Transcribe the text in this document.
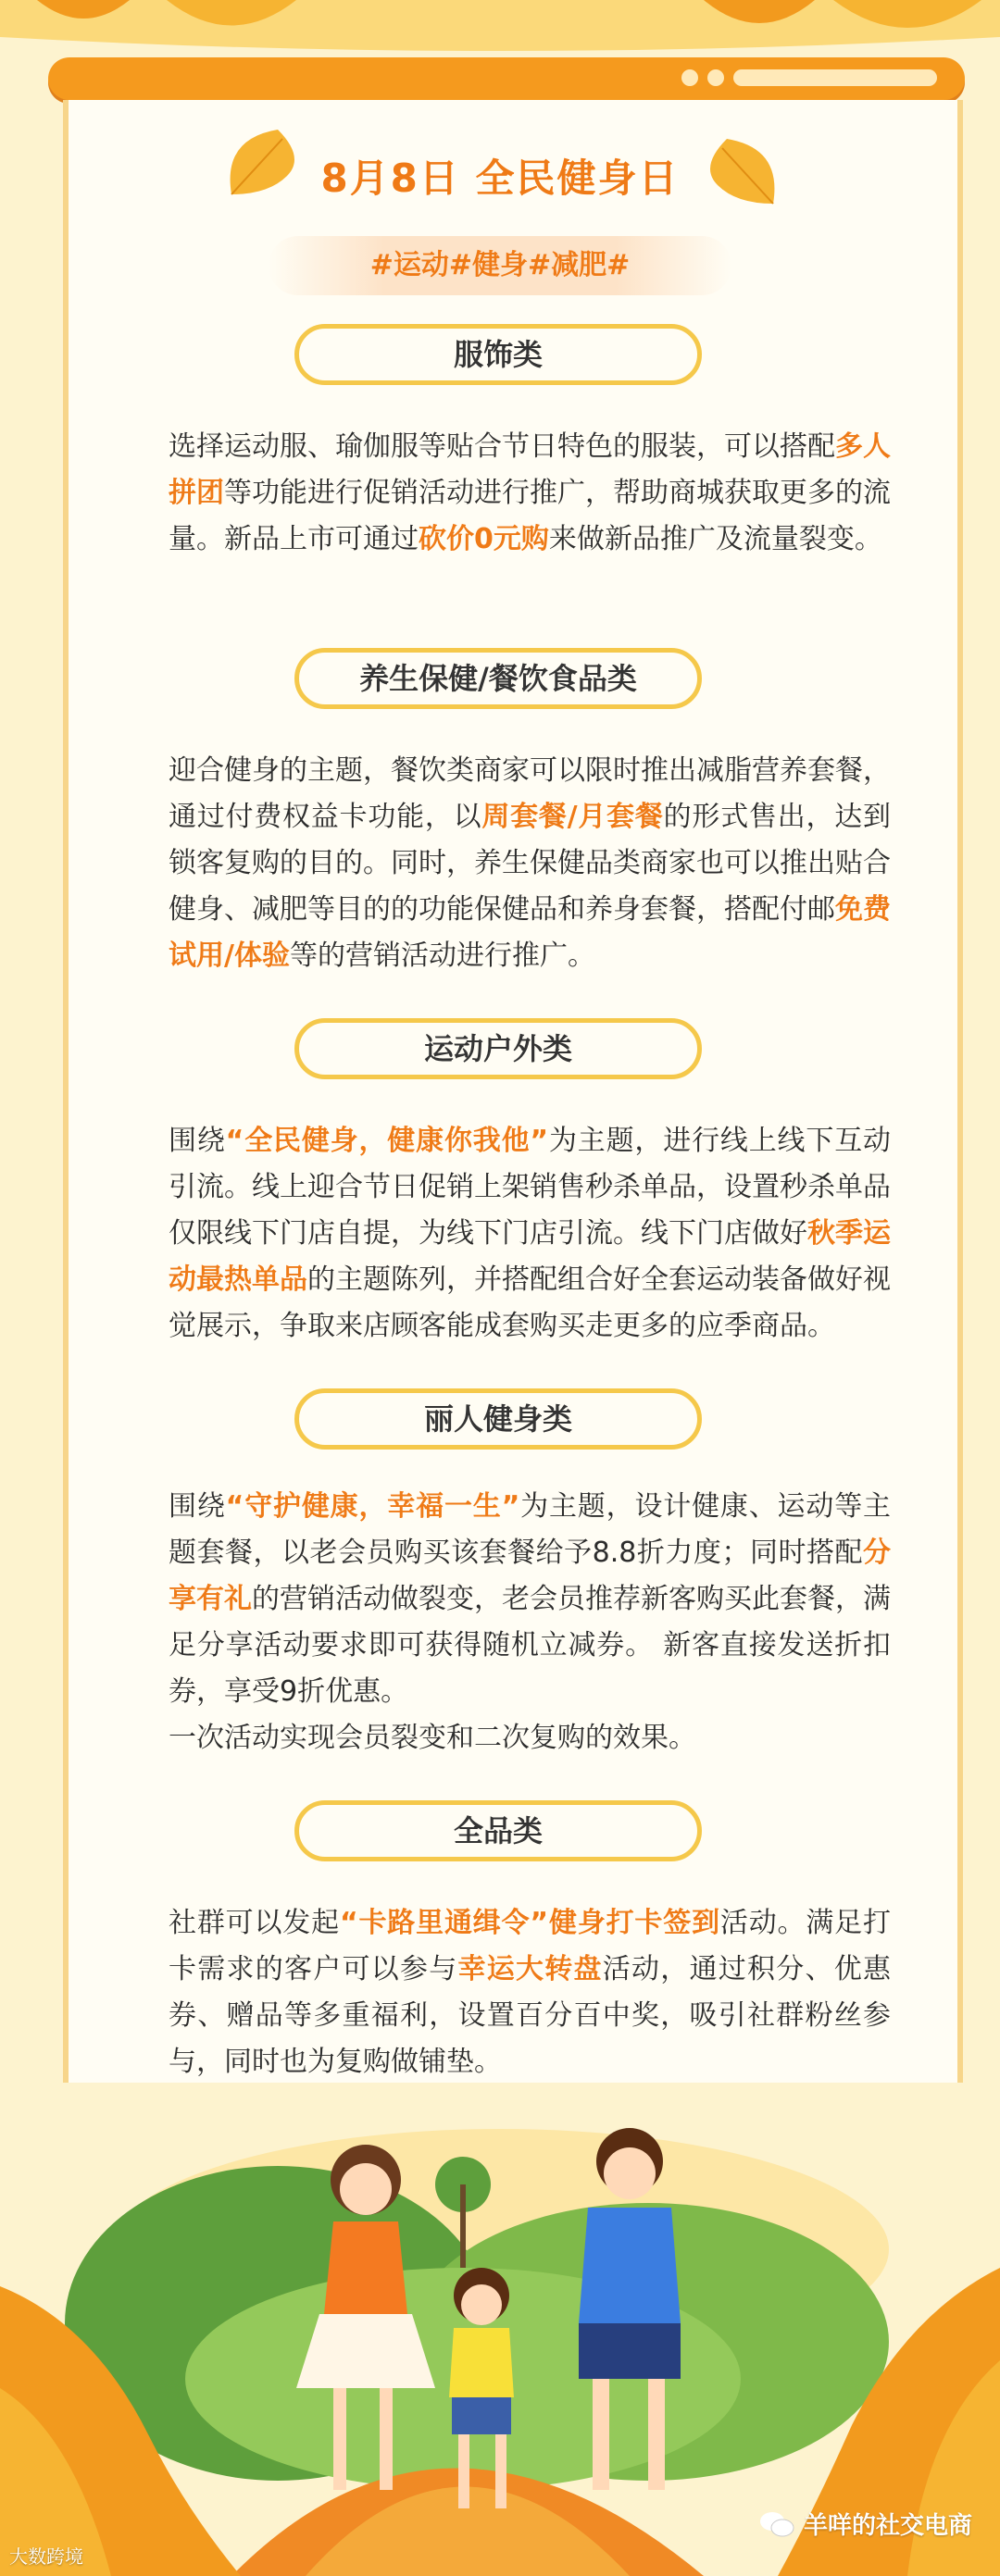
8月8日 全民健身日
#运动#健身#减肥#
服饰类
选择运动服、瑜伽服等贴合节日特色的服装，可以搭配多人拼团等功能进行促销活动进行推广，帮助商城获取更多的流量。新品上市可通过砍价0元购来做新品推广及流量裂变。
养生保健/餐饮食品类
迎合健身的主题，餐饮类商家可以限时推出减脂营养套餐，通过付费权益卡功能，以周套餐/月套餐的形式售出，达到锁客复购的目的。同时，养生保健品类商家也可以推出贴合健身、减肥等目的的功能保健品和养身套餐，搭配付邮免费试用/体验等的营销活动进行推广。
运动户外类
围绕“全民健身，健康你我他”为主题，进行线上线下互动引流。线上迎合节日促销上架销售秒杀单品，设置秒杀单品仅限线下门店自提，为线下门店引流。线下门店做好秋季运动最热单品的主题陈列，并搭配组合好全套运动装备做好视觉展示，争取来店顾客能成套购买走更多的应季商品。
丽人健身类
围绕“守护健康，幸福一生”为主题，设计健康、运动等主题套餐，以老会员购买该套餐给予8.8折力度；同时搭配分享有礼的营销活动做裂变，老会员推荐新客购买此套餐，满足分享活动要求即可获得随机立减券。 新客直接发送折扣券，享受9折优惠。
一次活动实现会员裂变和二次复购的效果。
全品类
社群可以发起“卡路里通缉令”健身打卡签到活动。满足打卡需求的客户可以参与幸运大转盘活动，通过积分、优惠券、赠品等多重福利，设置百分百中奖，吸引社群粉丝参与，同时也为复购做铺垫。
羊咩的社交电商
大数跨境
